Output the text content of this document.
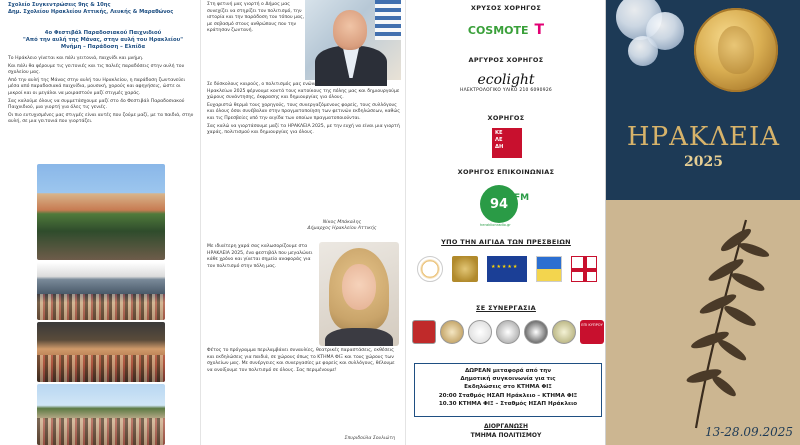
Σχολείο Συγκεντρώσεις 9ης & 10ης
Δημ. Σχολείου Ηρακλείου Αττικής, Λευκής & Μαραθώνος
4ο Φεστιβάλ Παραδοσιακού Παιχνιδιού
"Από την αυλή της Μάνας, στην αυλή του Ηρακλείου"
Μνήμη – Παράδοση – Ελπίδα

Το Ηράκλειο γίνεται και πάλι γειτονιά, παιχνίδι και μνήμη.

Και πάλι θα φέρουμε τις γειτονιές και τις παλιές παραδόσεις στην αυλή του σχολείου μας.

Από την αυλή της Μάνας στην αυλή του Ηρακλείου, η παράδοση ζωντανεύει μέσα από παραδοσιακά παιχνίδια, μουσική, χορούς και αφηγήσεις, ώστε οι μικροί και οι μεγάλοι να μοιραστούν μαζί στιγμές χαράς.

Σας καλούμε όλους να συμμετάσχουμε μαζί στο 4ο Φεστιβάλ Παραδοσιακού Παιχνιδιού, μια γιορτή για όλες τις γενιές.

Οι πιο ευτυχισμένες μας στιγμές είναι αυτές που ζούμε μαζί, με τα παιδιά, στην αυλή, σε μια γειτονιά που γιορτάζει.

Στη φετινή μας γιορτή ο Δήμος μας συνεχίζει να στηρίζει τον πολιτισμό, την ιστορία και την παράδοση του τόπου μας, με σεβασμό στους ανθρώπους που την κράτησαν ζωντανή.

Σε δύσκολους καιρούς, ο πολιτισμός μας ενώνει. Με τις εκδηλώσεις των Ηρακλείων 2025 φέρνουμε κοντά τους κατοίκους της πόλης μας και δημιουργούμε χώρους συνάντησης, έκφρασης και δημιουργίας για όλους.

Ευχαριστώ θερμά τους χορηγούς, τους συνεργαζόμενους φορείς, τους συλλόγους και όλους όσοι συνέβαλαν στην πραγματοποίηση των φετινών εκδηλώσεων, καθώς και τις Πρεσβείες υπό την αιγίδα των οποίων πραγματοποιούνται.

Σας καλώ να γιορτάσουμε μαζί τα ΗΡΑΚΛΕΙΑ 2025, με την ευχή να είναι μια γιορτή χαράς, πολιτισμού και δημιουργίας για όλους.

Νίκος Μπάκαλης
Δήμαρχος Ηρακλείου Αττικής
Με ιδιαίτερη χαρά σας καλωσορίζουμε στα ΗΡΑΚΛΕΙΑ 2025, ένα φεστιβάλ που μεγαλώνει κάθε χρόνο και γίνεται σημείο αναφοράς για τον πολιτισμό στην πόλη μας.
Φέτος το πρόγραμμα περιλαμβάνει συναυλίες, θεατρικές παραστάσεις, εκθέσεις και εκδηλώσεις για παιδιά, σε χώρους όπως το ΚΤΗΜΑ ΦΙΞ και τους χώρους των σχολείων μας. Με συνέργειες και συνεργασίες με φορείς και συλλόγους, θέλουμε να ανοίξουμε τον πολιτισμό σε όλους. Σας περιμένουμε!
Σπυριδούλα Σουλιώτη
ΧΡΥΣΟΣ ΧΟΡΗΓΟΣ
COSMOTE T
ΑΡΓΥΡΟΣ ΧΟΡΗΓΟΣ
ecolight
ΗΛΕΚΤΡΟΛΟΓΙΚΟ ΥΛΙΚΟ 210 6090926
ΧΟΡΗΓΟΣ
ΚΕ
ΛΕ
ΔΗ
ΧΟΡΗΓΟΣ ΕΠΙΚΟΙΝΩΝΙΑΣ
94 FM
heraklionradio.gr
ΥΠΟ ΤΗΝ ΑΙΓΙΔΑ ΤΩΝ ΠΡΕΣΒΕΙΩΝ
★★★★★
ΣΕ ΣΥΝΕΡΓΑΣΙΑ
ΕΠΙ ΚΥΠΡΟΥ
ΔΩΡΕΑΝ μεταφορά από την
Δημοτική συγκοινωνία για τις
Εκδηλώσεις στο ΚΤΗΜΑ ΦΙΞ
20:00 Σταθμός ΗΣΑΠ Ηράκλειο – ΚΤΗΜΑ ΦΙΞ
10.30 ΚΤΗΜΑ ΦΙΞ – Σταθμός ΗΣΑΠ Ηράκλειο
ΔΙΟΡΓΑΝΩΣΗ
ΤΜΗΜΑ ΠΟΛΙΤΙΣΜΟΥ
ΗΡΑΚΛΕΙΑ
2025
13-28.09.2025
